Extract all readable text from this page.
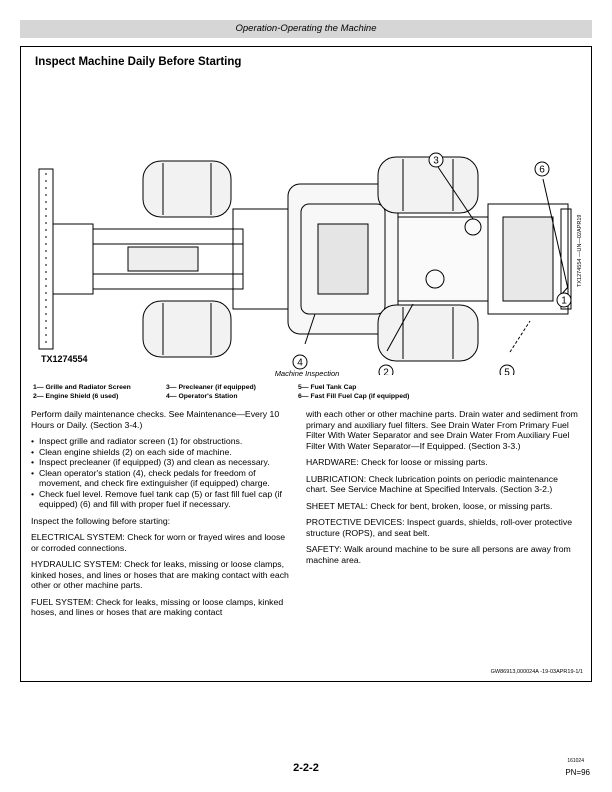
Operation-Operating the Machine
Inspect Machine Daily Before Starting
3
6
1
4
2	5
TX1274554
TX1274554 —UN—02APR19
Machine Inspection
1— Grille and Radiator Screen
2— Engine Shield (6 used)
3— Precleaner (if equipped)
4— Operator's Station
5— Fuel Tank Cap
6— Fast Fill Fuel Cap (if equipped)

Perform daily maintenance checks. See Maintenance—Every 10 Hours or Daily. (Section 3-4.)

• Inspect grille and radiator screen (1) for obstructions.
• Clean engine shields (2) on each side of machine.
• Inspect precleaner (if equipped) (3) and clean as necessary.
• Clean operator's station (4), check pedals for freedom of movement, and check fire extinguisher (if equipped) charge.
• Check fuel level. Remove fuel tank cap (5) or fast fill fuel cap (if equipped) (6) and fill with proper fuel if necessary.

Inspect the following before starting:

ELECTRICAL SYSTEM: Check for worn or frayed wires and loose or corroded connections.

HYDRAULIC SYSTEM: Check for leaks, missing or loose clamps, kinked hoses, and lines or hoses that are making contact with each other or other machine parts.

FUEL SYSTEM: Check for leaks, missing or loose clamps, kinked hoses, and lines or hoses that are making contact

with each other or other machine parts. Drain water and sediment from primary and auxiliary fuel filters. See Drain Water From Primary Fuel Filter With Water Separator and see Drain Water From Auxiliary Fuel Filter With Water Separator—If Equipped. (Section 3-3.)

HARDWARE: Check for loose or missing parts.

LUBRICATION: Check lubrication points on periodic maintenance chart. See Service Machine at Specified Intervals. (Section 3-2.)

SHEET METAL: Check for bent, broken, loose, or missing parts.

PROTECTIVE DEVICES: Inspect guards, shields, roll-over protective structure (ROPS), and seat belt.

SAFETY: Walk around machine to be sure all persons are away from machine area.

GW86913,000024A -19-03APR19-1/1
2-2-2
161024
PN=96
